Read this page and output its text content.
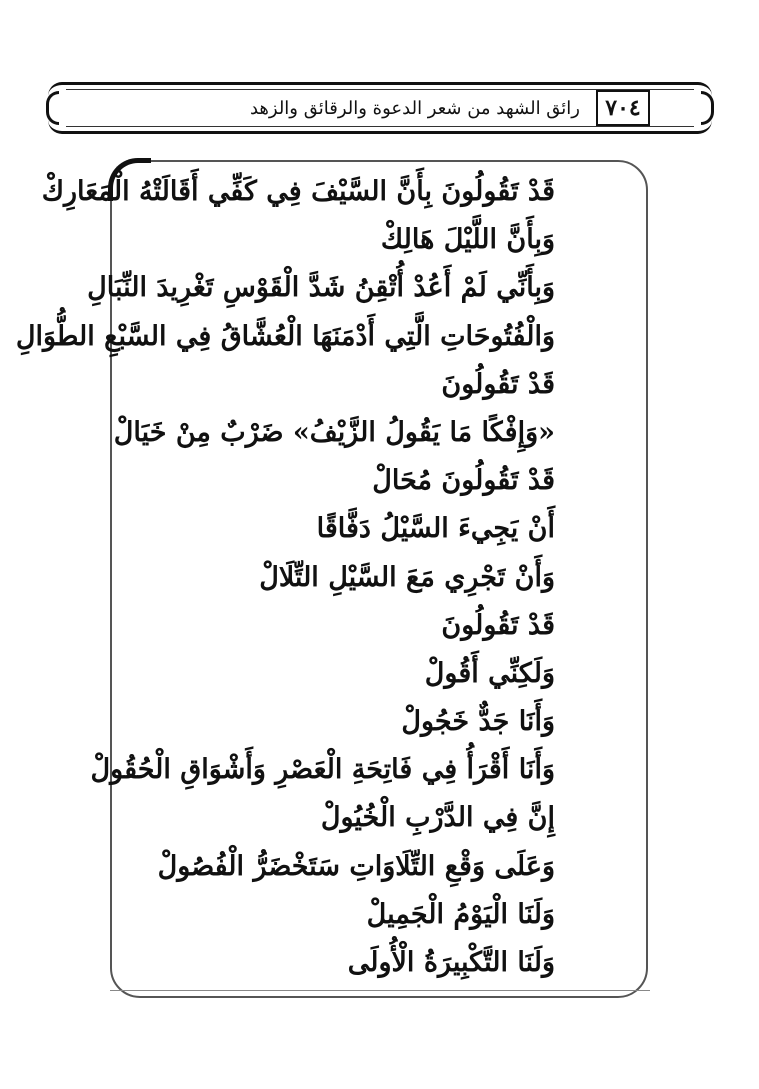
٧٠٤
رائق الشهد من شعر الدعوة والرقائق والزهد
قَدْ تَقُولُونَ بِأَنَّ السَّيْفَ فِي كَفِّي أَقَالَتْهُ الْمَعَارِكْ
وَبِأَنَّ اللَّيْلَ هَالِكْ
وَبِأَنِّي لَمْ أَعُدْ أُتْقِنُ شَدَّ الْقَوْسِ تَغْرِيدَ النِّبَالِ
وَالْفُتُوحَاتِ الَّتِي أَدْمَنَهَا الْعُشَّاقُ فِي السَّبْعِ الطُّوَالِ
قَدْ تَقُولُونَ
«وَإِفْكًا مَا يَقُولُ الزَّيْفُ» ضَرْبٌ مِنْ خَيَالْ
قَدْ تَقُولُونَ مُحَالْ
أَنْ يَجِيءَ السَّيْلُ دَفَّاقًا
وَأَنْ تَجْرِي مَعَ السَّيْلِ التِّلَالْ
قَدْ تَقُولُونَ
وَلَكِنِّي أَقُولْ
وَأَنَا جَدٌّ خَجُولْ
وَأَنَا أَقْرَأُ فِي فَاتِحَةِ الْعَصْرِ وَأَشْوَاقِ الْحُقُولْ
إِنَّ فِي الدَّرْبِ الْخُيُولْ
وَعَلَى وَقْعِ التِّلَاوَاتِ سَتَخْضَرُّ الْفُصُولْ
وَلَنَا الْيَوْمُ الْجَمِيلْ
وَلَنَا التَّكْبِيرَةُ الْأُولَى
